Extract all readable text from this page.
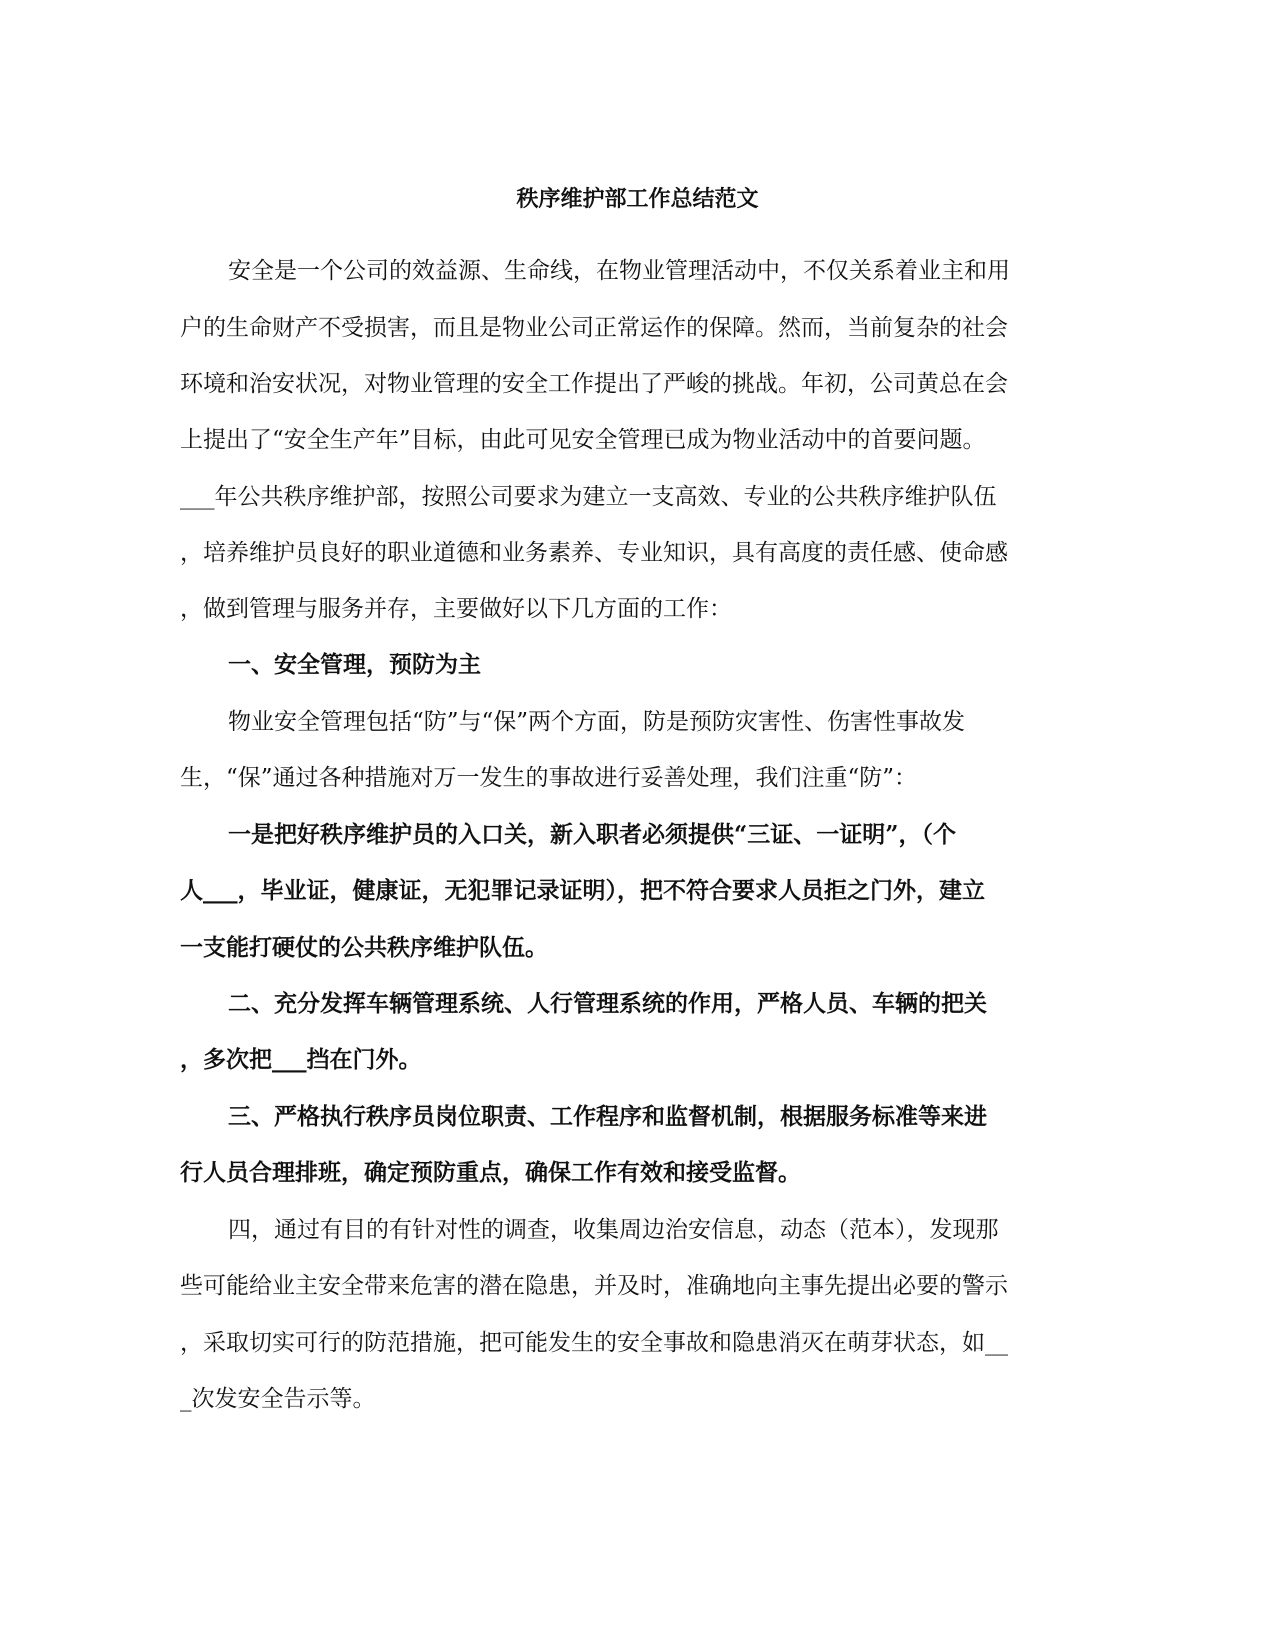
秩序维护部工作总结范文
安全是一个公司的效益源、生命线，在物业管理活动中，不仅关系着业主和用
户的生命财产不受损害，而且是物业公司正常运作的保障。然而，当前复杂的社会
环境和治安状况，对物业管理的安全工作提出了严峻的挑战。年初，公司黄总在会
上提出了“安全生产年”目标，由此可见安全管理已成为物业活动中的首要问题。
___年公共秩序维护部，按照公司要求为建立一支高效、专业的公共秩序维护队伍
，培养维护员良好的职业道德和业务素养、专业知识，具有高度的责任感、使命感
，做到管理与服务并存，主要做好以下几方面的工作：
一、安全管理，预防为主
物业安全管理包括“防”与“保”两个方面，防是预防灾害性、伤害性事故发
生，“保”通过各种措施对万一发生的事故进行妥善处理，我们注重“防”：
一是把好秩序维护员的入口关，新入职者必须提供“三证、一证明”，（个
人___，毕业证，健康证，无犯罪记录证明），把不符合要求人员拒之门外，建立
一支能打硬仗的公共秩序维护队伍。
二、充分发挥车辆管理系统、人行管理系统的作用，严格人员、车辆的把关
，多次把___挡在门外。
三、严格执行秩序员岗位职责、工作程序和监督机制，根据服务标准等来进
行人员合理排班，确定预防重点，确保工作有效和接受监督。
四，通过有目的有针对性的调查，收集周边治安信息，动态（范本），发现那
些可能给业主安全带来危害的潜在隐患，并及时，准确地向主事先提出必要的警示
，采取切实可行的防范措施，把可能发生的安全事故和隐患消灭在萌芽状态，如__
_次发安全告示等。
